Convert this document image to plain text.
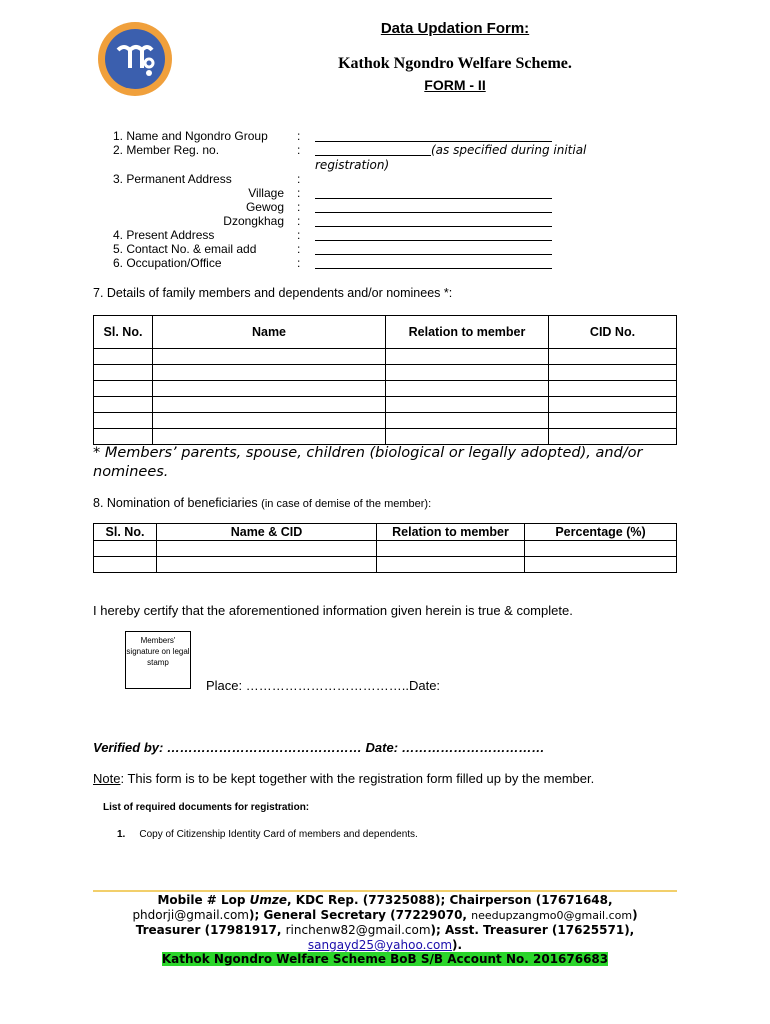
Data Updation Form:
Kathok Ngondro Welfare Scheme.
FORM - II
1. Name and Ngondro Group :
2. Member Reg. no.	:	(as specified during initial registration)
3. Permanent Address	:
Village :
Gewog :
Dzongkhag :
4. Present Address	:
5. Contact No. & email add	:
6. Occupation/Office	:
7. Details of family members and dependents and/or nominees *:
Sl. No.	Name	Relation to member	CID No.

* Members’ parents, spouse, children (biological or legally adopted), and/or nominees.
8. Nomination of beneficiaries (in case of demise of the member):
Sl. No.	Name & CID	Relation to member	Percentage (%)

I hereby certify that the aforementioned information given herein is true & complete.
Members' signature on legal stamp
Place: ………………………………..Date:
Verified by: ……………………………………… Date: ……………………………
Note: This form is to be kept together with the registration form filled up by the member.
List of required documents for registration:
1. Copy of Citizenship Identity Card of members and dependents.
Mobile # Lop Umze, KDC Rep. (77325088); Chairperson (17671648,
phdorji@gmail.com); General Secretary (77229070, needupzangmo0@gmail.com)
Treasurer (17981917, rinchenw82@gmail.com); Asst. Treasurer (17625571),
sangayd25@yahoo.com).
Kathok Ngondro Welfare Scheme BoB S/B Account No. 201676683
